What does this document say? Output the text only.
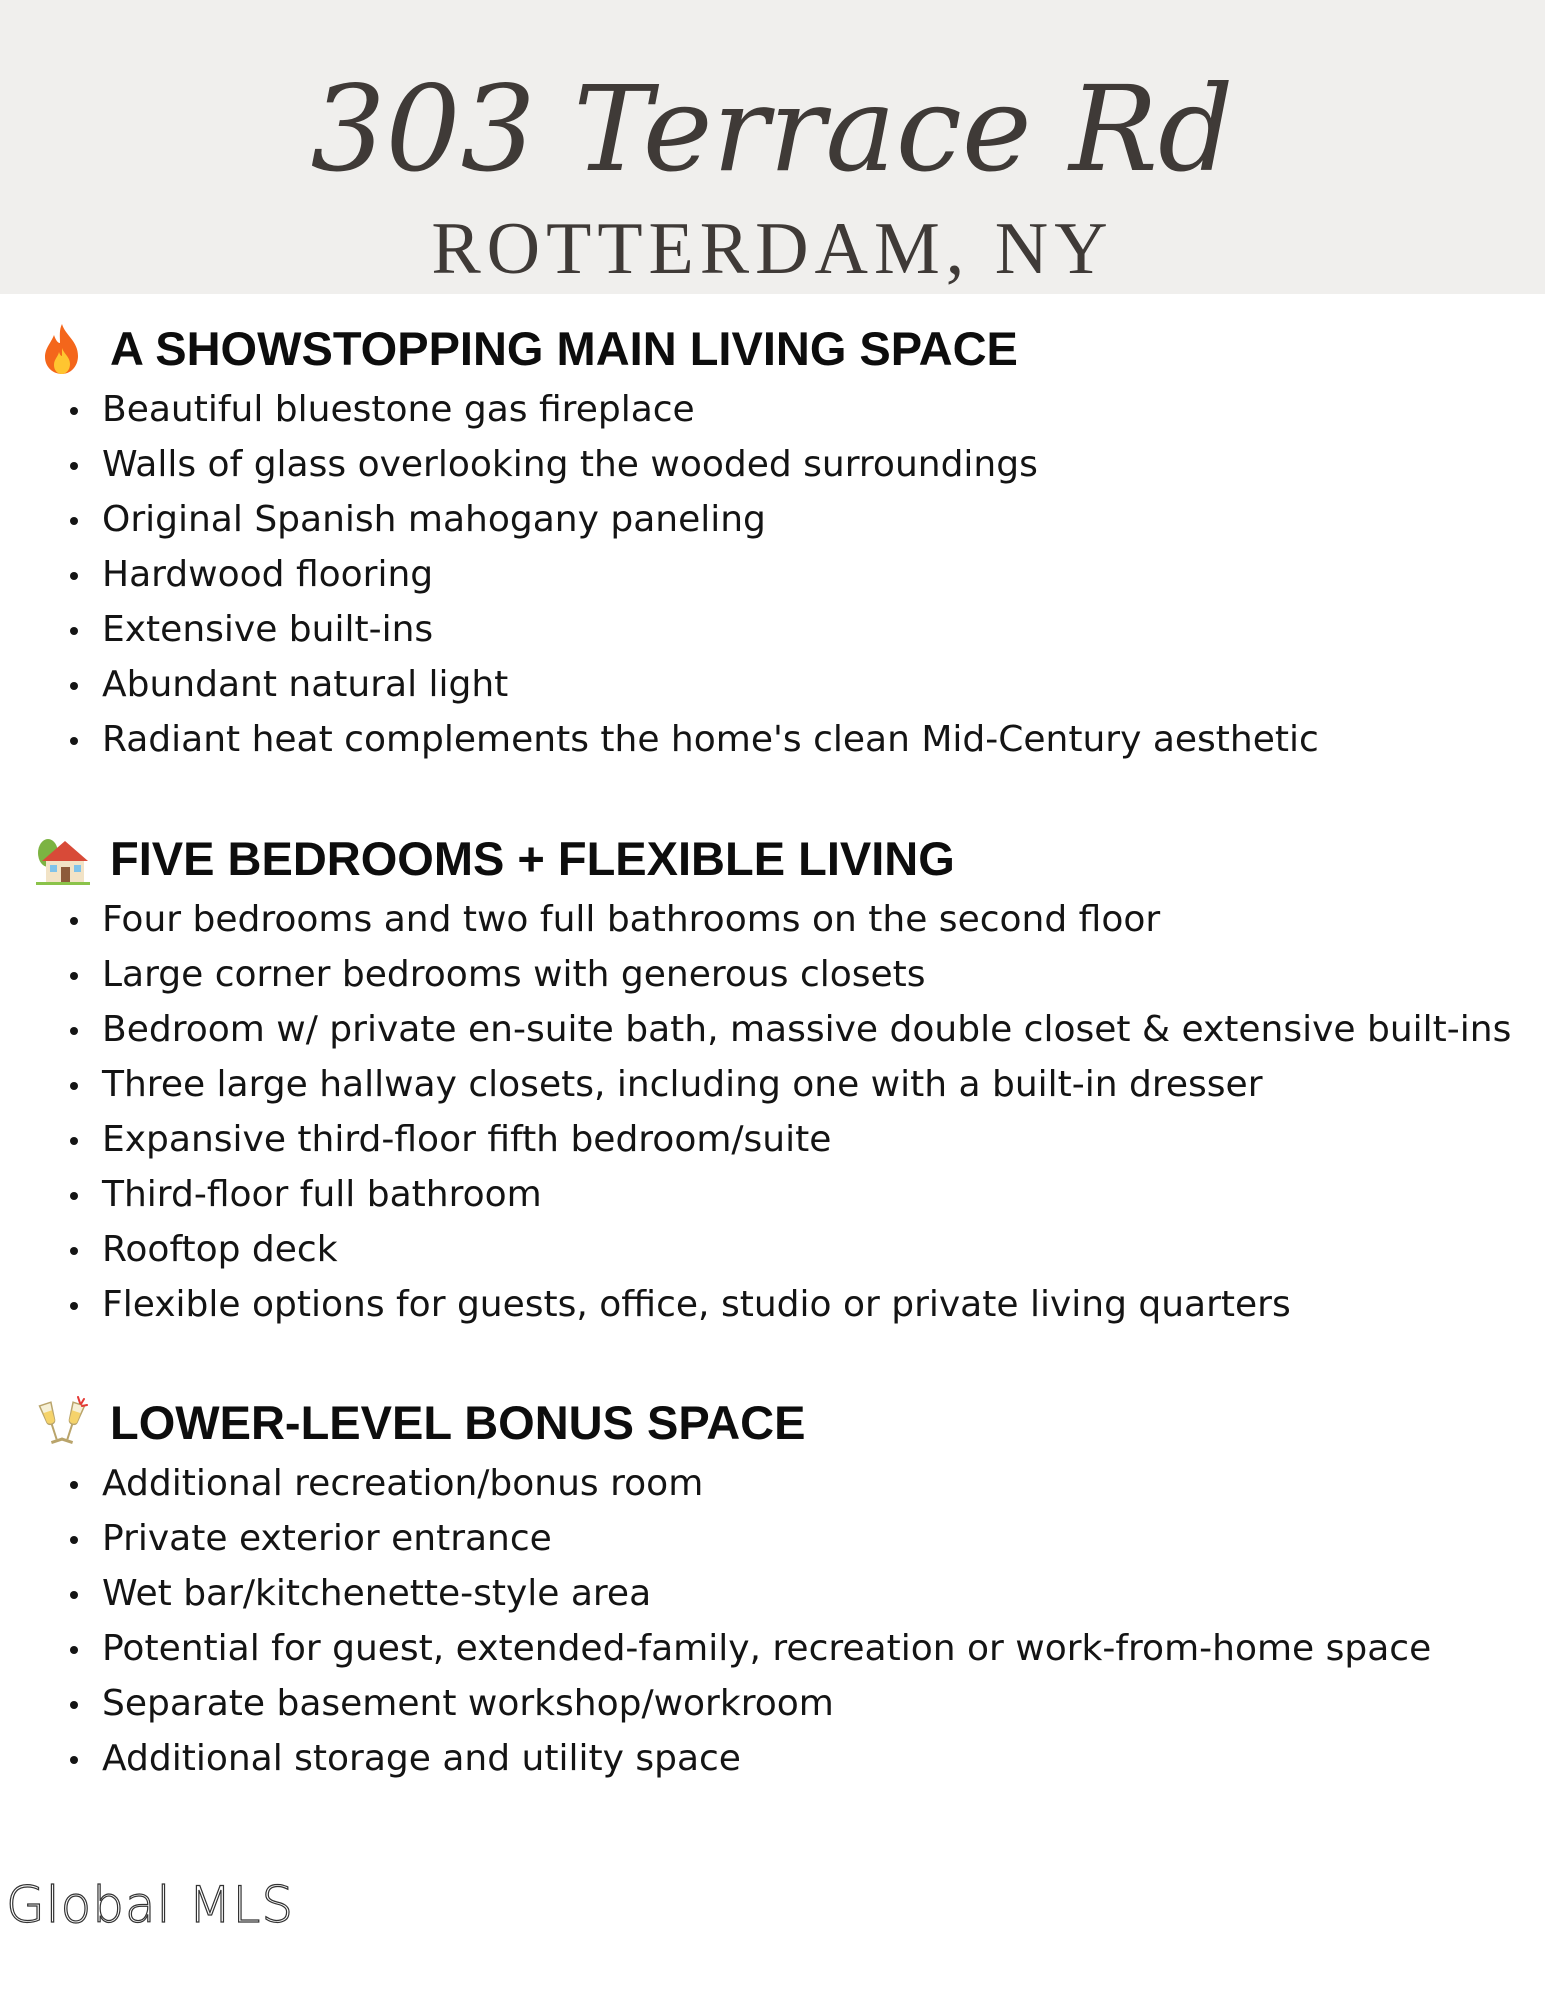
303 Terrace Rd
ROTTERDAM, NY
A SHOWSTOPPING MAIN LIVING SPACE
Beautiful bluestone gas fireplace
Walls of glass overlooking the wooded surroundings
Original Spanish mahogany paneling
Hardwood flooring
Extensive built-ins
Abundant natural light
Radiant heat complements the home's clean Mid-Century aesthetic
FIVE BEDROOMS + FLEXIBLE LIVING
Four bedrooms and two full bathrooms on the second floor
Large corner bedrooms with generous closets
Bedroom w/ private en-suite bath, massive double closet & extensive built-ins
Three large hallway closets, including one with a built-in dresser
Expansive third-floor fifth bedroom/suite
Third-floor full bathroom
Rooftop deck
Flexible options for guests, office, studio or private living quarters
LOWER-LEVEL BONUS SPACE
Additional recreation/bonus room
Private exterior entrance
Wet bar/kitchenette-style area
Potential for guest, extended-family, recreation or work-from-home space
Separate basement workshop/workroom
Additional storage and utility space
Global MLS
